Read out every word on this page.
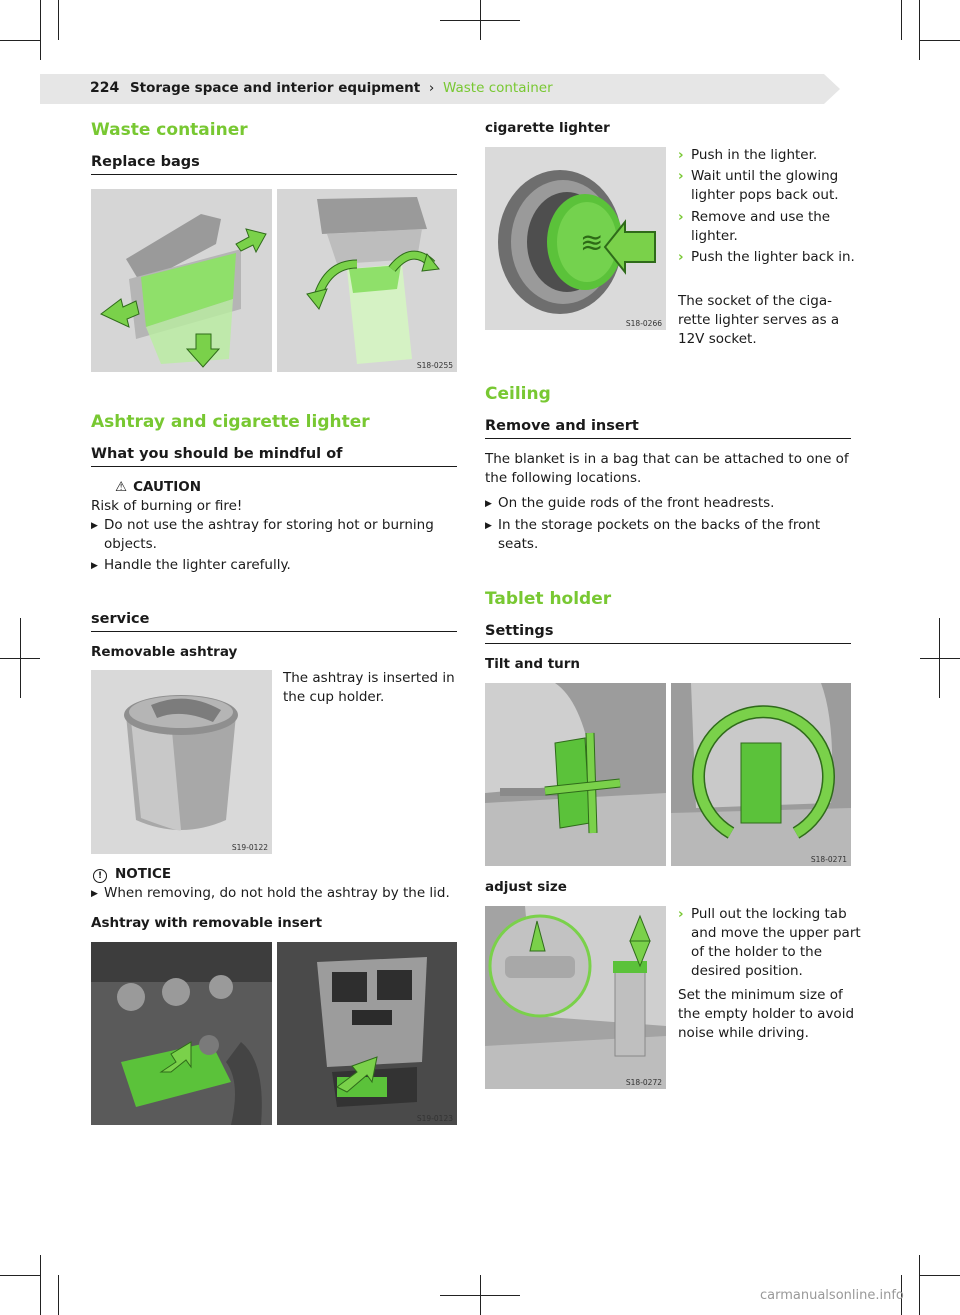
224 Storage space and interior equipment › Waste container
Waste container
Replace bags
S18-0255
Ashtray and cigarette lighter
What you should be mindful of
⚠ CAUTION
Risk of burning or fire!
▶ Do not use the ashtray for storing hot or burning objects.
▶ Handle the lighter carefully.
service
Removable ashtray
S19-0122
The ashtray is inserted in the cup holder.
! NOTICE
▶ When removing, do not hold the ashtray by the lid.
Ashtray with removable insert
S19-0123
cigarette lighter
≋
S18-0266
› Push in the lighter.
› Wait until the glowing lighter pops back out.
› Remove and use the lighter.
› Push the lighter back in.
The socket of the ciga-rette lighter serves as a 12V socket.
Ceiling
Remove and insert
The blanket is in a bag that can be attached to one of the following locations.
▶ On the guide rods of the front headrests.
▶ In the storage pockets on the backs of the front seats.
Tablet holder
Settings
Tilt and turn
S18-0271
adjust size
S18-0272
› Pull out the locking tab and move the upper part of the holder to the desired position.
Set the minimum size of the empty holder to avoid noise while driving.
carmanualsonline.info
